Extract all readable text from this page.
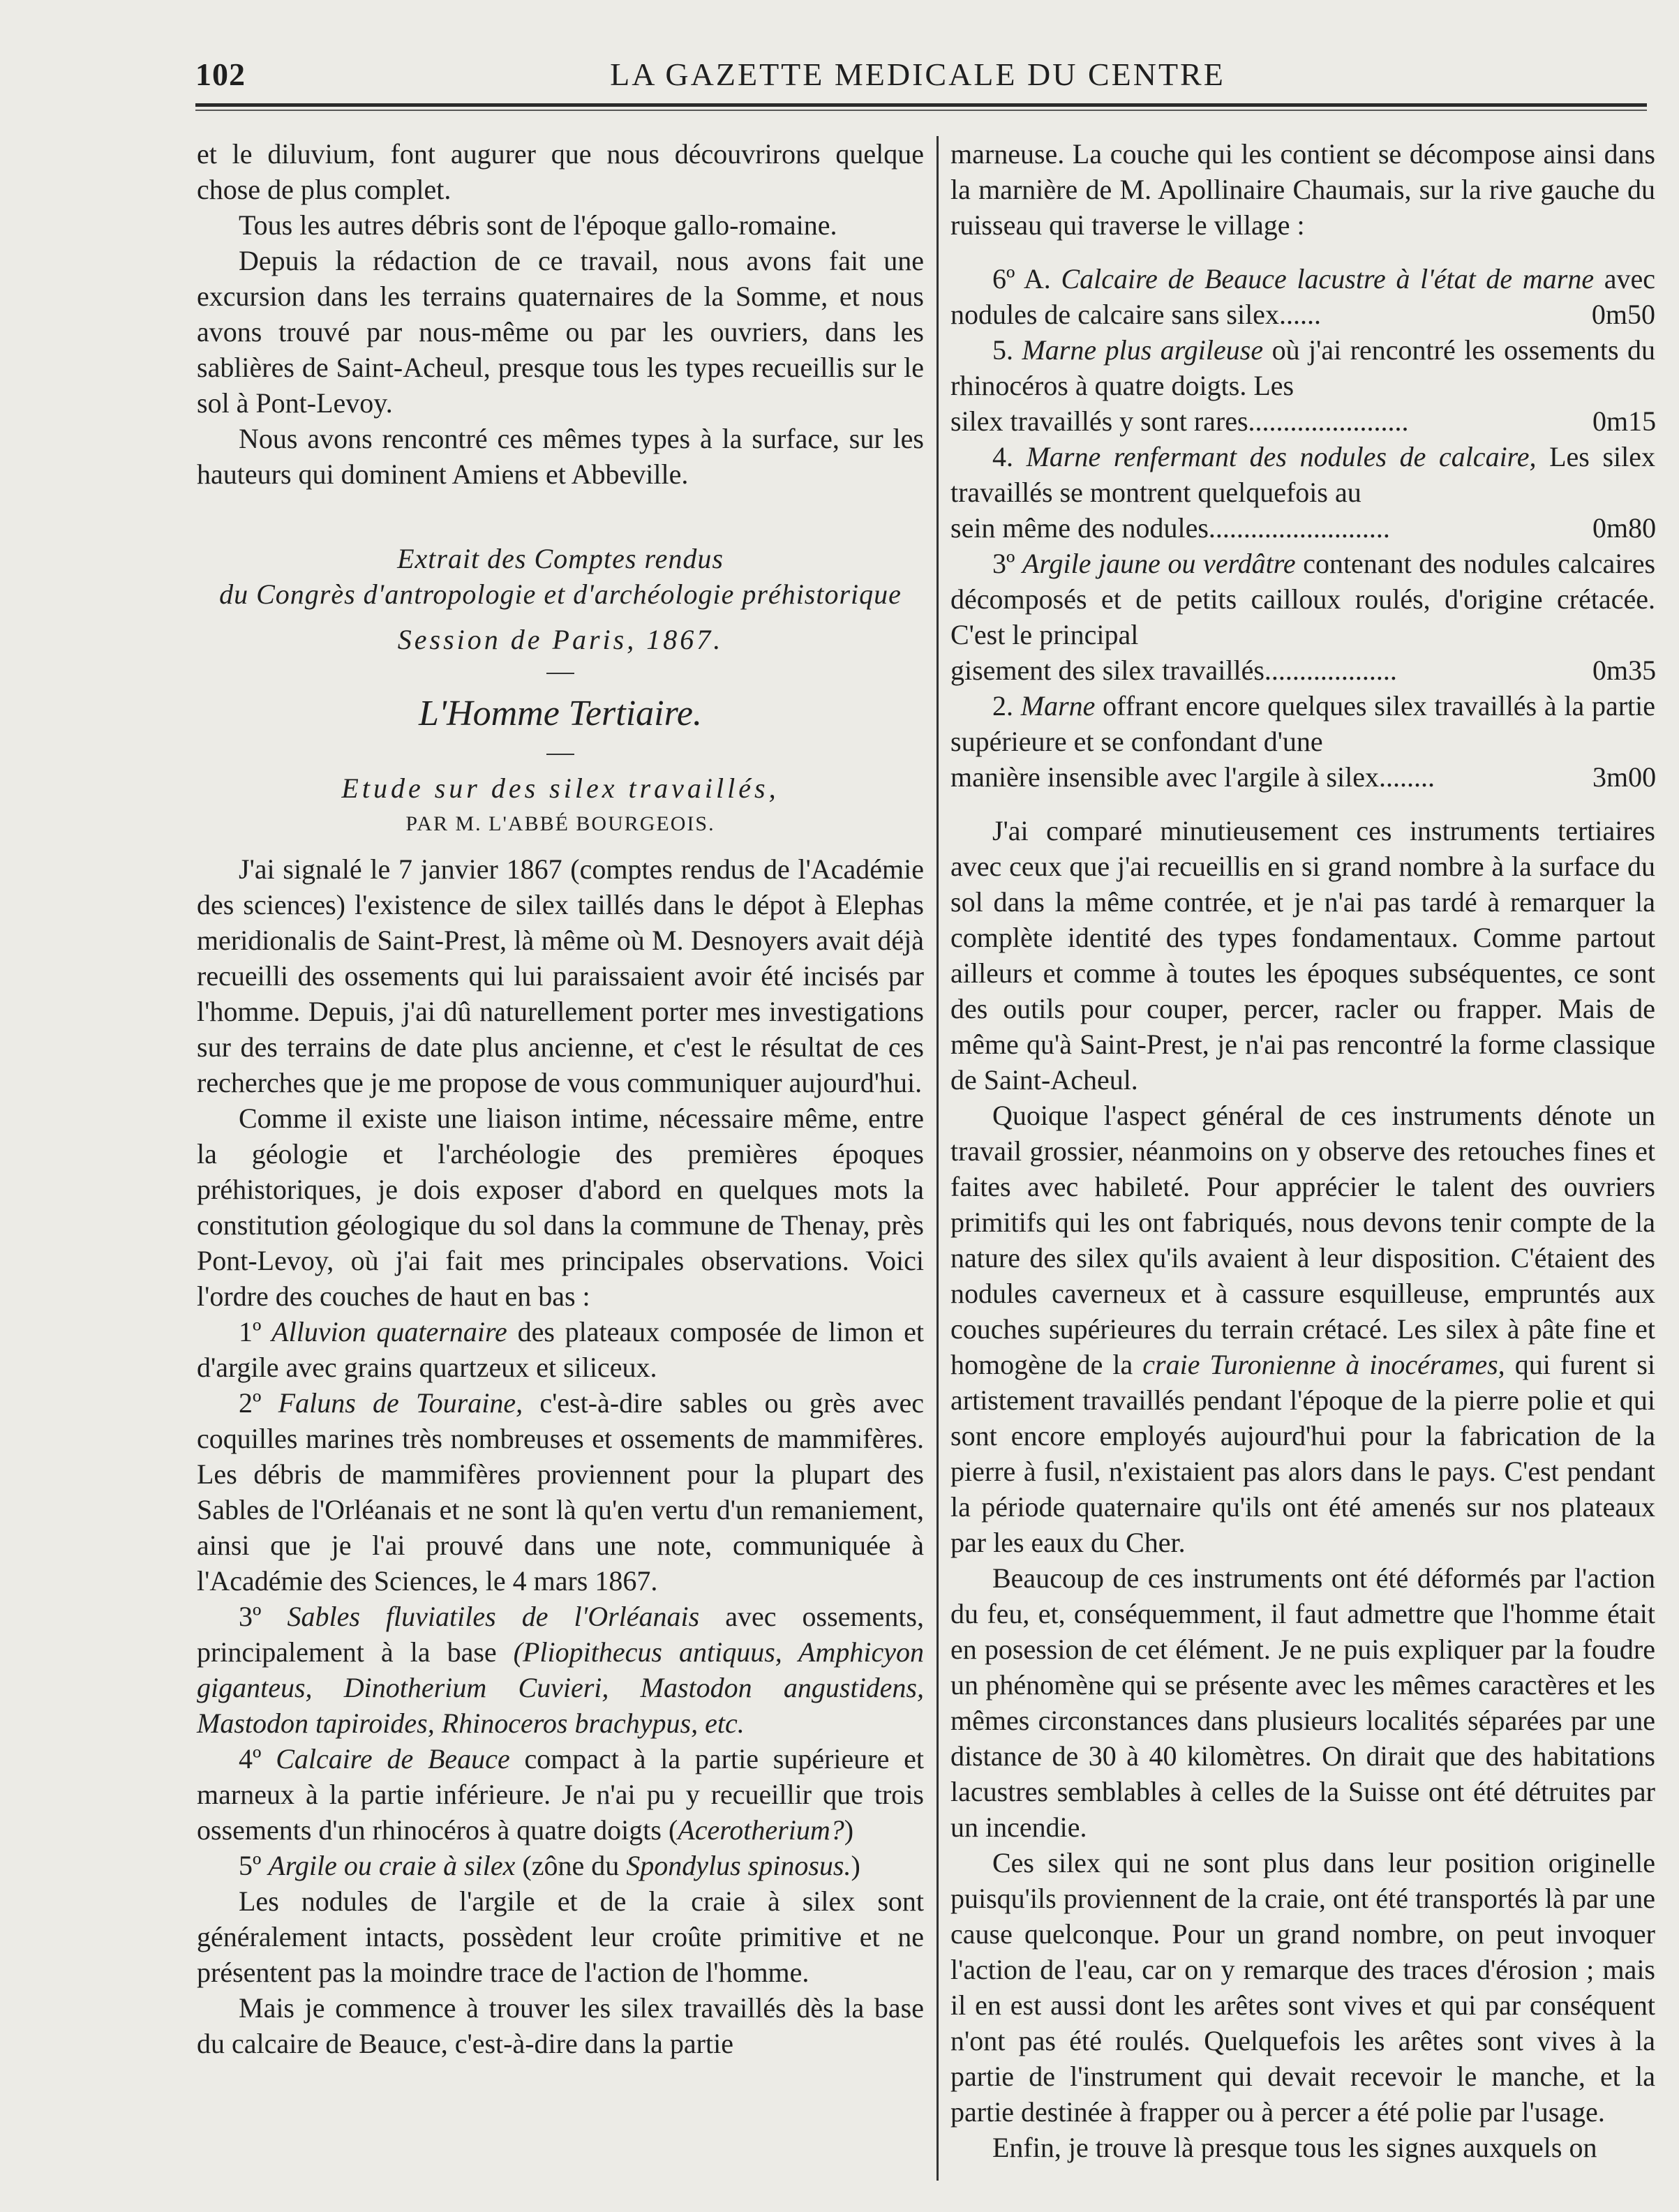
102	LA GAZETTE MEDICALE DU CENTRE

et le diluvium, font augurer que nous découvrirons quelque chose de plus complet.

Tous les autres débris sont de l'époque gallo-romaine.

Depuis la rédaction de ce travail, nous avons fait une excursion dans les terrains quaternaires de la Somme, et nous avons trouvé par nous-même ou par les ouvriers, dans les sablières de Saint-Acheul, presque tous les types recueillis sur le sol à Pont-Levoy.

Nous avons rencontré ces mêmes types à la surface, sur les hauteurs qui dominent Amiens et Abbeville.

Extrait des Comptes rendus
du Congrès d'antropologie et d'archéologie préhistorique
Session de Paris, 1867.
L'Homme Tertiaire.
Etude sur des silex travaillés,
PAR M. L'ABBÉ BOURGEOIS.

J'ai signalé le 7 janvier 1867 (comptes rendus de l'Académie des sciences) l'existence de silex taillés dans le dépot à Elephas meridionalis de Saint-Prest, là même où M. Desnoyers avait déjà recueilli des ossements qui lui paraissaient avoir été incisés par l'homme. Depuis, j'ai dû naturellement porter mes investigations sur des terrains de date plus ancienne, et c'est le résultat de ces recherches que je me propose de vous communiquer aujourd'hui.

Comme il existe une liaison intime, nécessaire même, entre la géologie et l'archéologie des premières époques préhistoriques, je dois exposer d'abord en quelques mots la constitution géologique du sol dans la commune de Thenay, près Pont-Levoy, où j'ai fait mes principales observations. Voici l'ordre des couches de haut en bas :

1º Alluvion quaternaire des plateaux composée de limon et d'argile avec grains quartzeux et siliceux.

2º Faluns de Touraine, c'est-à-dire sables ou grès avec coquilles marines très nombreuses et ossements de mammifères. Les débris de mammifères proviennent pour la plupart des Sables de l'Orléanais et ne sont là qu'en vertu d'un remaniement, ainsi que je l'ai prouvé dans une note, communiquée à l'Académie des Sciences, le 4 mars 1867.

3º Sables fluviatiles de l'Orléanais avec ossements, principalement à la base (Pliopithecus antiquus, Amphicyon giganteus, Dinotherium Cuvieri, Mastodon angustidens, Mastodon tapiroides, Rhinoceros brachypus, etc.

4º Calcaire de Beauce compact à la partie supérieure et marneux à la partie inférieure. Je n'ai pu y recueillir que trois ossements d'un rhinocéros à quatre doigts (Acerotherium?)

5º Argile ou craie à silex (zône du Spondylus spinosus.)

Les nodules de l'argile et de la craie à silex sont généralement intacts, possèdent leur croûte primitive et ne présentent pas la moindre trace de l'action de l'homme.

Mais je commence à trouver les silex travaillés dès la base du calcaire de Beauce, c'est-à-dire dans la partie

marneuse. La couche qui les contient se décompose ainsi dans la marnière de M. Apollinaire Chaumais, sur la rive gauche du ruisseau qui traverse le village :

6º A. Calcaire de Beauce lacustre à l'état de marne avec nodules de calcaire sans silex......	0m50

5. Marne plus argileuse où j'ai rencontré les ossements du rhinocéros à quatre doigts. Les

silex travaillés y sont rares.......................	0m15

4. Marne renfermant des nodules de calcaire, Les silex travaillés se montrent quelquefois au

sein même des nodules..........................	0m80

3º Argile jaune ou verdâtre contenant des nodules calcaires décomposés et de petits cailloux roulés, d'origine crétacée. C'est le principal

gisement des silex travaillés...................	0m35

2. Marne offrant encore quelques silex travaillés à la partie supérieure et se confondant d'une

manière insensible avec l'argile à silex........	3m00

J'ai comparé minutieusement ces instruments tertiaires avec ceux que j'ai recueillis en si grand nombre à la surface du sol dans la même contrée, et je n'ai pas tardé à remarquer la complète identité des types fondamentaux. Comme partout ailleurs et comme à toutes les époques subséquentes, ce sont des outils pour couper, percer, racler ou frapper. Mais de même qu'à Saint-Prest, je n'ai pas rencontré la forme classique de Saint-Acheul.

Quoique l'aspect général de ces instruments dénote un travail grossier, néanmoins on y observe des retouches fines et faites avec habileté. Pour apprécier le talent des ouvriers primitifs qui les ont fabriqués, nous devons tenir compte de la nature des silex qu'ils avaient à leur disposition. C'étaient des nodules caverneux et à cassure esquilleuse, empruntés aux couches supérieures du terrain crétacé. Les silex à pâte fine et homogène de la craie Turonienne à inocérames, qui furent si artistement travaillés pendant l'époque de la pierre polie et qui sont encore employés aujourd'hui pour la fabrication de la pierre à fusil, n'existaient pas alors dans le pays. C'est pendant la période quaternaire qu'ils ont été amenés sur nos plateaux par les eaux du Cher.

Beaucoup de ces instruments ont été déformés par l'action du feu, et, conséquemment, il faut admettre que l'homme était en posession de cet élément. Je ne puis expliquer par la foudre un phénomène qui se présente avec les mêmes caractères et les mêmes circonstances dans plusieurs localités séparées par une distance de 30 à 40 kilomètres. On dirait que des habitations lacustres semblables à celles de la Suisse ont été détruites par un incendie.

Ces silex qui ne sont plus dans leur position originelle puisqu'ils proviennent de la craie, ont été transportés là par une cause quelconque. Pour un grand nombre, on peut invoquer l'action de l'eau, car on y remarque des traces d'érosion ; mais il en est aussi dont les arêtes sont vives et qui par conséquent n'ont pas été roulés. Quelquefois les arêtes sont vives à la partie de l'instrument qui devait recevoir le manche, et la partie destinée à frapper ou à percer a été polie par l'usage.

Enfin, je trouve là presque tous les signes auxquels on
